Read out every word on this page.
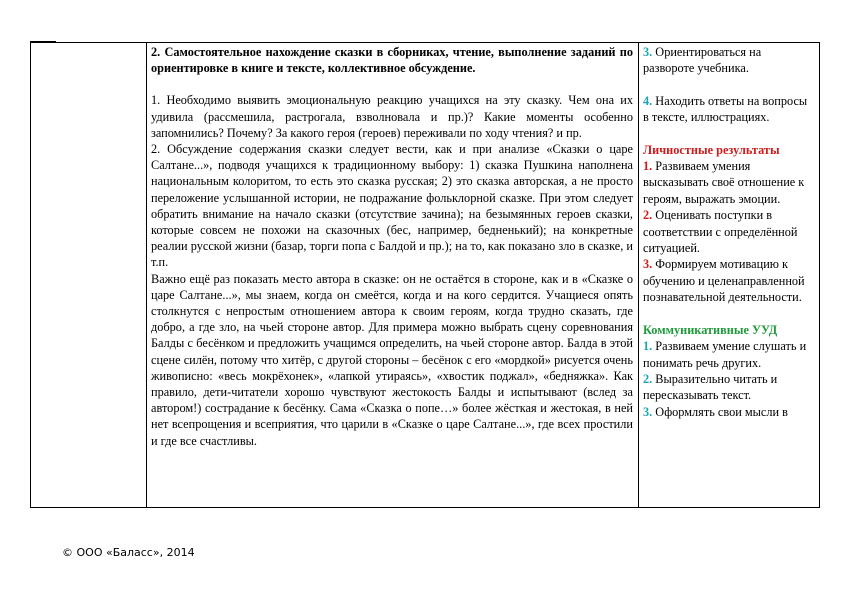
2. Самостоятельное нахождение сказки в сборниках, чтение, выполнение заданий по ориентировке в книге и тексте, коллективное обсуждение.

1. Необходимо выявить эмоциональную реакцию учащихся на эту сказку. Чем она их удивила (рассмешила, растрогала, взволновала и пр.)? Какие моменты особенно запомнились? Почему? За какого героя (героев) переживали по ходу чтения? и пр.

2. Обсуждение содержания сказки следует вести, как и при анализе «Сказки о царе Салтане...», подводя учащихся к традиционному выбору: 1) сказка Пушкина наполнена национальным колоритом, то есть это сказка русская; 2) это сказка авторская, а не просто переложение услышанной истории, не подражание фольклорной сказке. При этом следует обратить внимание на начало сказки (отсутствие зачина); на безымянных героев сказки, которые совсем не похожи на сказочных (бес, нaпример, бедненький); на конкретные реалии русской жизни (базар, торги попа с Балдой и пр.); на то, как показано зло в сказке, и т.п.

Важно ещё раз показать место автора в сказке: он не остаётся в стороне, как и в «Сказке о царе Салтане...», мы знаем, когда он смеётся, когда и на кого сердится. Учащиеся опять столкнутся с непростым отношением автора к своим героям, когда трудно сказать, где добро, а где зло, на чьей стороне автор. Для примера можно выбрать сцену соревнования Балды с бесёнком и предложить учащимся определить, на чьей стороне автор. Балда в этой сцене силён, потому что хитёр, с другой стороны – бесёнок с его «мордкой» рисуется очень живописно: «весь мокрёхонек», «лапкой утираясь», «хвостик поджал», «бедняжка». Как правило, дети-читатели хорошо чувствуют жестокость Балды и испытывают (вслед за автором!) сострадание к бесёнку. Сама «Сказка о попе…» более жёсткая и жестокая, в ней нет всепрощения и всеприятия, что царили в «Сказке о царе Салтане...», где всех простили и где все счастливы.

3. Ориентироваться на развороте учебника.

4. Находить ответы на вопросы в тексте, иллюстрациях.

Личностные результаты

1. Развиваем умения высказывать своё отношение к героям, выражать эмоции.

2. Оценивать поступки в соответствии с определённой ситуацией.

3. Формируем мотивацию к обучению и целенаправленной познавательной деятельности.

Коммуникативные УУД

1. Развиваем умение слушать и понимать речь других.

2. Выразительно читать и пересказывать текст.

3. Оформлять свои мысли в

© ООО «Баласс», 2014
